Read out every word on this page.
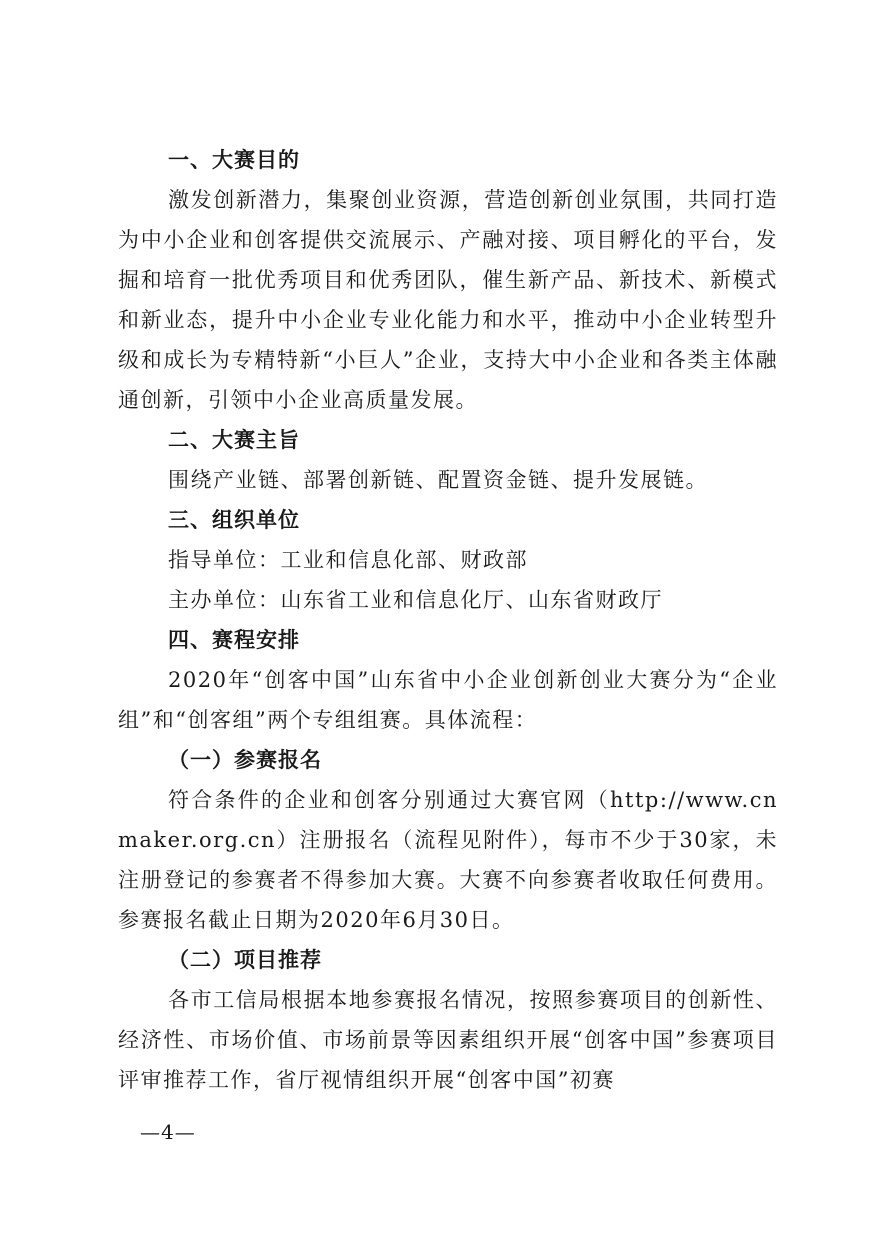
一、大赛目的

激发创新潜力，集聚创业资源，营造创新创业氛围，共同打造为中小企业和创客提供交流展示、产融对接、项目孵化的平台，发掘和培育一批优秀项目和优秀团队，催生新产品、新技术、新模式和新业态，提升中小企业专业化能力和水平，推动中小企业转型升级和成长为专精特新“小巨人”企业，支持大中小企业和各类主体融通创新，引领中小企业高质量发展。

二、大赛主旨

围绕产业链、部署创新链、配置资金链、提升发展链。

三、组织单位

指导单位：工业和信息化部、财政部

主办单位：山东省工业和信息化厅、山东省财政厅

四、赛程安排

2020年“创客中国”山东省中小企业创新创业大赛分为“企业组”和“创客组”两个专组组赛。具体流程：

（一）参赛报名

符合条件的企业和创客分别通过大赛官网（http://www.cnmaker.org.cn）注册报名（流程见附件），每市不少于30家，未注册登记的参赛者不得参加大赛。大赛不向参赛者收取任何费用。参赛报名截止日期为2020年6月30日。

（二）项目推荐

各市工信局根据本地参赛报名情况，按照参赛项目的创新性、经济性、市场价值、市场前景等因素组织开展“创客中国”参赛项目评审推荐工作，省厅视情组织开展“创客中国”初赛

—4—
